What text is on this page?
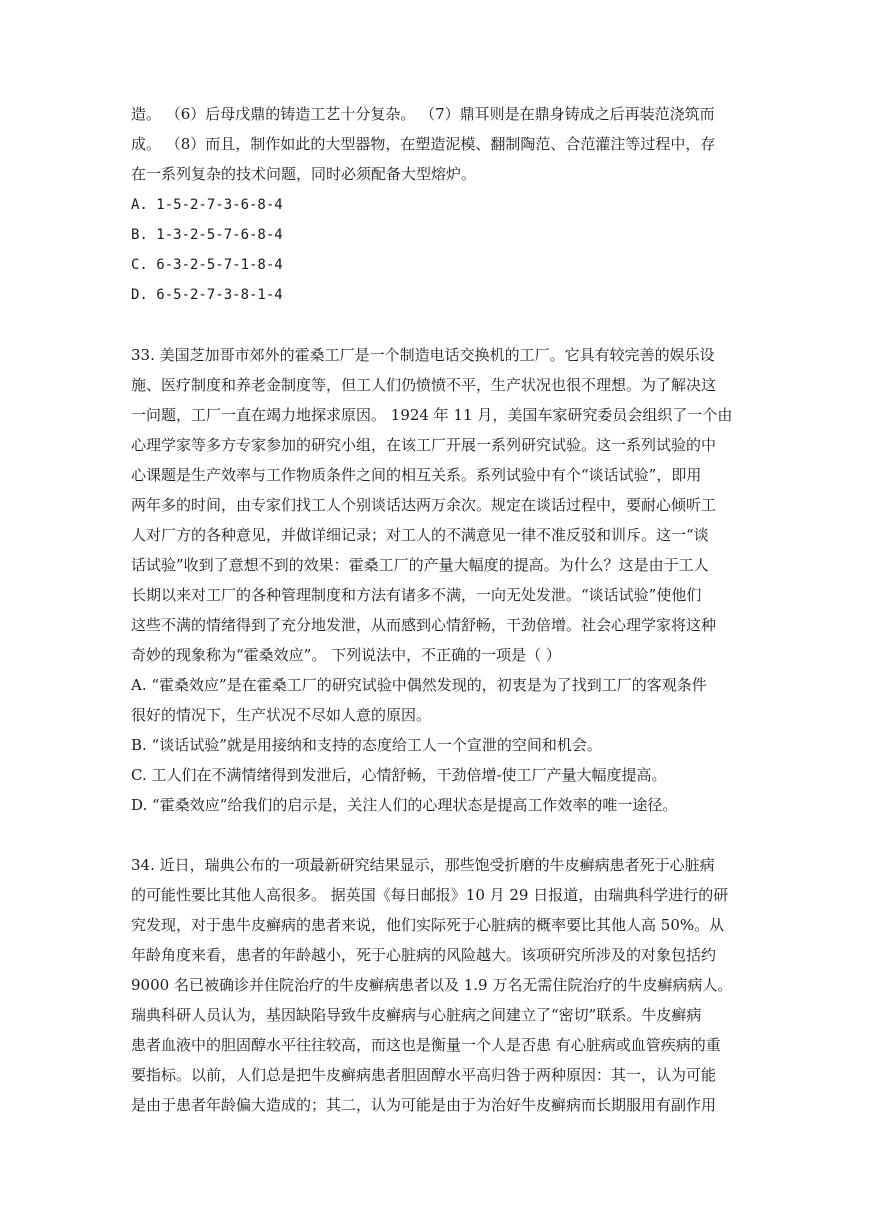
造。 （6）后母戊鼎的铸造工艺十分复杂。 （7）鼎耳则是在鼎身铸成之后再装范浇筑而
成。 （8）而且，制作如此的大型器物，在塑造泥模、翻制陶范、合范灌注等过程中，存
在一系列复杂的技术问题，同时必须配备大型熔炉。
A. 1-5-2-7-3-6-8-4
B. 1-3-2-5-7-6-8-4
C. 6-3-2-5-7-1-8-4
D. 6-5-2-7-3-8-1-4
33. 美国芝加哥市郊外的霍桑工厂是一个制造电话交换机的工厂。它具有较完善的娱乐设
施、医疗制度和养老金制度等，但工人们仍愤愤不平，生产状况也很不理想。为了解决这
一问题，工厂一直在竭力地探求原因。 1924 年 11 月，美国车家研究委员会组织了一个由
心理学家等多方专家参加的研究小组，在该工厂开展一系列研究试验。这一系列试验的中
心课题是生产效率与工作物质条件之间的相互关系。系列试验中有个“谈话试验”，即用
两年多的时间，由专家们找工人个别谈话达两万余次。规定在谈话过程中，要耐心倾听工
人对厂方的各种意见，并做详细记录；对工人的不满意见一律不准反驳和训斥。这一“谈
话试验”收到了意想不到的效果：霍桑工厂的产量大幅度的提高。为什么？这是由于工人
长期以来对工厂的各种管理制度和方法有诸多不满，一向无处发泄。“谈话试验”使他们
这些不满的情绪得到了充分地发泄，从而感到心情舒畅，干劲倍增。社会心理学家将这种
奇妙的现象称为“霍桑效应”。 下列说法中，不正确的一项是（ ）
A. “霍桑效应”是在霍桑工厂的研究试验中偶然发现的，初衷是为了找到工厂的客观条件
很好的情况下，生产状况不尽如人意的原因。
B. “谈话试验”就是用接纳和支持的态度给工人一个宣泄的空间和机会。
C. 工人们在不满情绪得到发泄后，心情舒畅，干劲倍增-使工厂产量大幅度提高。
D. “霍桑效应”给我们的启示是，关注人们的心理状态是提高工作效率的唯一途径。
34. 近日，瑞典公布的一项最新研究结果显示，那些饱受折磨的牛皮癣病患者死于心脏病
的可能性要比其他人高很多。 据英国《每日邮报》10 月 29 日报道，由瑞典科学进行的研
究发现，对于患牛皮癣病的患者来说，他们实际死于心脏病的概率要比其他人高 50%。从
年龄角度来看，患者的年龄越小，死于心脏病的风险越大。该项研究所涉及的对象包括约
9000 名已被确诊并住院治疗的牛皮癣病患者以及 1.9 万名无需住院治疗的牛皮癣病病人。
瑞典科研人员认为，基因缺陷导致牛皮癣病与心脏病之间建立了“密切”联系。牛皮癣病
患者血液中的胆固醇水平往往较高，而这也是衡量一个人是否患 有心脏病或血管疾病的重
要指标。以前，人们总是把牛皮癣病患者胆固醇水平高归咎于两种原因：其一，认为可能
是由于患者年龄偏大造成的；其二，认为可能是由于为治好牛皮癣病而长期服用有副作用
